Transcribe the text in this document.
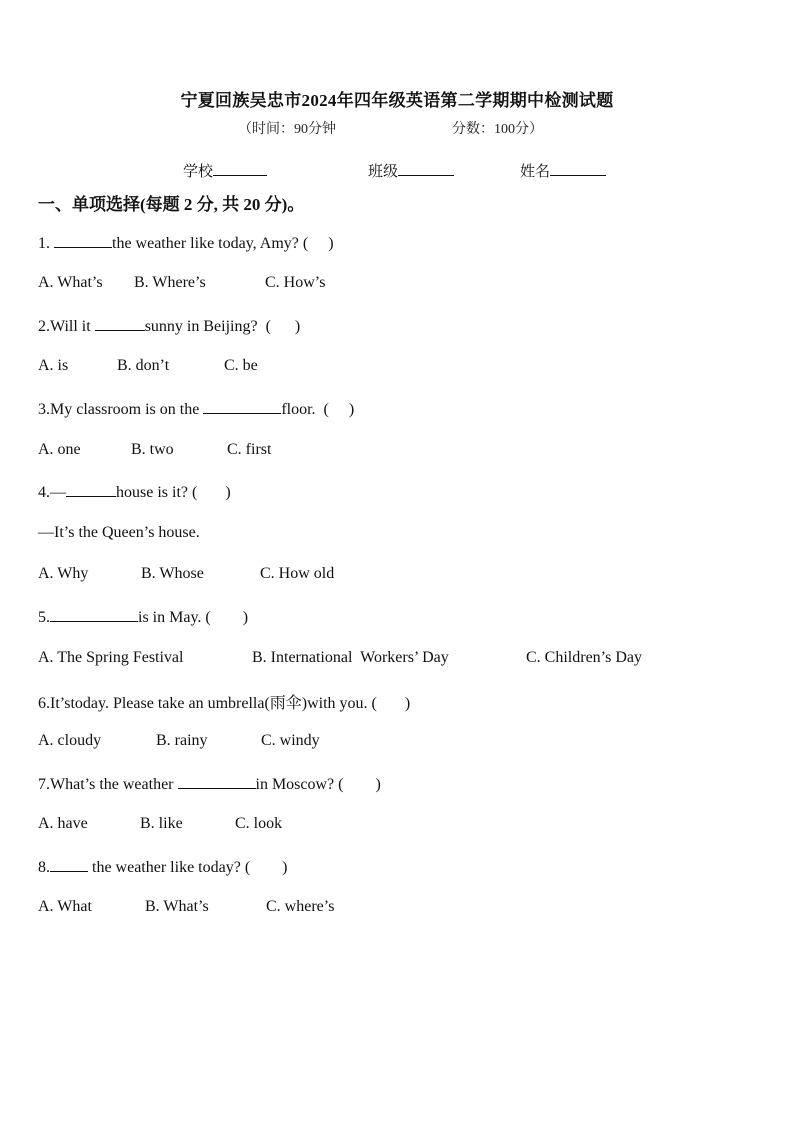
宁夏回族吴忠市2024年四年级英语第二学期期中检测试题
（时间：90分钟	分数：100分）
学校	班级	姓名
一、单项选择(每题 2 分, 共 20 分)。
1.	the weather like today, Amy? (     )
A. What’s B. Where’s	C. How’s
2.Will it	sunny in Beijing?  (      )
A. is	B. don’t	C. be
3.My classroom is on the	floor.  (     )
A. one	B. two	C. first
4.—	house is it? (       )
—It’s the Queen’s house.
A. Why	B. Whose	C. How old
5.	is in May. (        )
A. The Spring Festival	B. International  Workers’ Day	C. Children’s Day
6.It’stoday. Please take an umbrella(雨伞)with you. (       )
A. cloudy	B. rainy	C. windy
7.What’s the weather	in Moscow? (        )
A. have	B. like	C. look
8. the weather like today? (        )
A. What	B. What’s	C. where’s
